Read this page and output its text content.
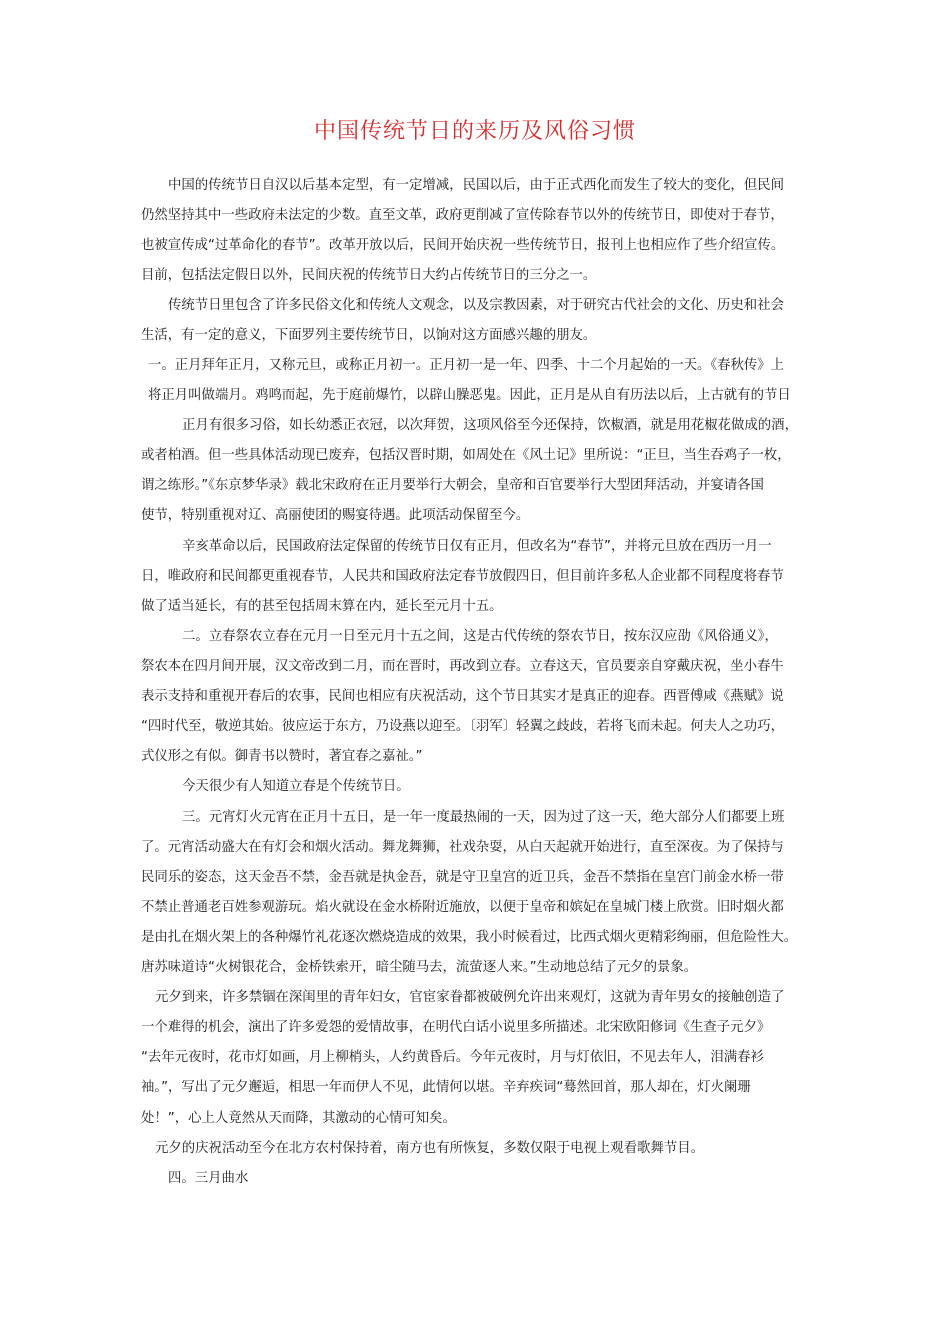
中国传统节日的来历及风俗习惯
中国的传统节日自汉以后基本定型，有一定增减，民国以后，由于正式西化而发生了较大的变化，但民间
仍然坚持其中一些政府未法定的少数。直至文革，政府更削减了宣传除春节以外的传统节日，即使对于春节，
也被宣传成“过革命化的春节”。改革开放以后，民间开始庆祝一些传统节日，报刊上也相应作了些介绍宣传。
目前，包括法定假日以外，民间庆祝的传统节日大约占传统节日的三分之一。
传统节日里包含了许多民俗文化和传统人文观念，以及宗教因素，对于研究古代社会的文化、历史和社会
生活，有一定的意义，下面罗列主要传统节日，以饷对这方面感兴趣的朋友。
一。正月拜年正月，又称元旦，或称正月初一。正月初一是一年、四季、十二个月起始的一天。《春秋传》上
将正月叫做端月。鸡鸣而起，先于庭前爆竹，以辟山臊恶鬼。因此，正月是从自有历法以后，上古就有的节日
正月有很多习俗，如长幼悉正衣冠，以次拜贺，这项风俗至今还保持，饮椒酒，就是用花椒花做成的酒，
或者柏酒。但一些具体活动现已废弃，包括汉晋时期，如周处在《风土记》里所说：“正旦，当生吞鸡子一枚，
谓之练形。”《东京梦华录》载北宋政府在正月要举行大朝会，皇帝和百官要举行大型团拜活动，并宴请各国
使节，特别重视对辽、高丽使团的赐宴待遇。此项活动保留至今。
辛亥革命以后，民国政府法定保留的传统节日仅有正月，但改名为“春节”，并将元旦放在西历一月一
日，唯政府和民间都更重视春节，人民共和国政府法定春节放假四日，但目前许多私人企业都不同程度将春节
做了适当延长，有的甚至包括周末算在内，延长至元月十五。
二。立春祭农立春在元月一日至元月十五之间，这是古代传统的祭农节日，按东汉应劭《风俗通义》，
祭农本在四月间开展，汉文帝改到二月，而在晋时，再改到立春。立春这天，官员要亲自穿戴庆祝，坐小春牛
表示支持和重视开春后的农事，民间也相应有庆祝活动，这个节日其实才是真正的迎春。西晋傅咸《燕赋》说
“四时代至，敬逆其始。彼应运于东方，乃设燕以迎至。〔羽军〕轻翼之歧歧，若将飞而未起。何夫人之功巧，
式仪形之有似。御青书以赞时，著宜春之嘉祉。”
今天很少有人知道立春是个传统节日。
三。元宵灯火元宵在正月十五日，是一年一度最热闹的一天，因为过了这一天，绝大部分人们都要上班
了。元宵活动盛大在有灯会和烟火活动。舞龙舞狮，社戏杂耍，从白天起就开始进行，直至深夜。为了保持与
民同乐的姿态，这天金吾不禁，金吾就是执金吾，就是守卫皇宫的近卫兵，金吾不禁指在皇宫门前金水桥一带
不禁止普通老百姓参观游玩。焰火就设在金水桥附近施放，以便于皇帝和嫔妃在皇城门楼上欣赏。旧时烟火都
是由扎在烟火架上的各种爆竹礼花逐次燃烧造成的效果，我小时候看过，比西式烟火更精彩绚丽，但危险性大。
唐苏味道诗“火树银花合，金桥铁索开，暗尘随马去，流萤逐人来。”生动地总结了元夕的景象。
元夕到来，许多禁锢在深闺里的青年妇女，官宦家眷都被破例允许出来观灯，这就为青年男女的接触创造了
一个难得的机会，演出了许多爱怨的爱情故事，在明代白话小说里多所描述。北宋欧阳修词《生查子元夕》
“去年元夜时，花市灯如画，月上柳梢头，人约黄昏后。今年元夜时，月与灯依旧，不见去年人，泪满春衫
袖。”，写出了元夕邂逅，相思一年而伊人不见，此情何以堪。辛弃疾词“蓦然回首，那人却在，灯火阑珊
处！”，心上人竟然从天而降，其激动的心情可知矣。
元夕的庆祝活动至今在北方农村保持着，南方也有所恢复，多数仅限于电视上观看歌舞节目。
四。三月曲水
